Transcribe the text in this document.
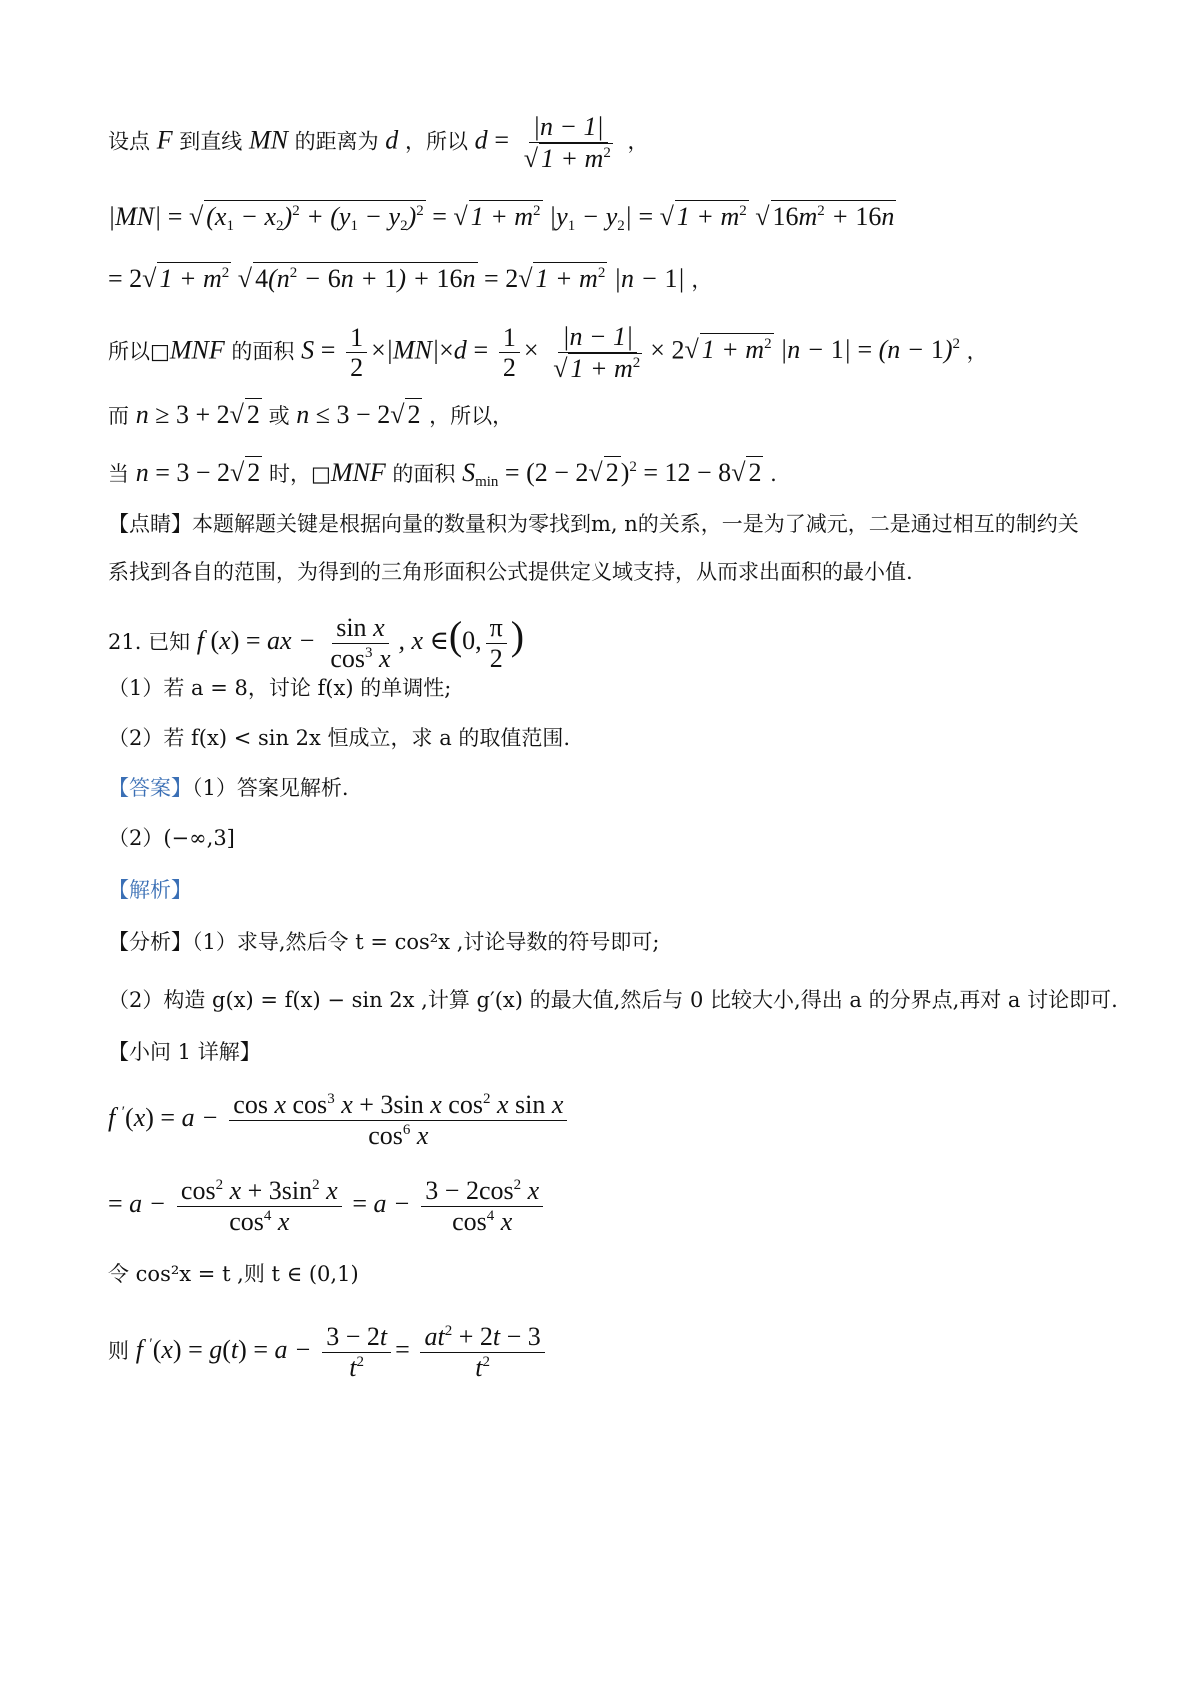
设点 F 到直线 MN 的距离为 d ，所以 d = |n − 1|
√ $1 + m^2$ ，
|MN| = √ $(x_1 - x_2)^2 + (y_1 - y_2)^2$ = √ $1 + m^2$ $|y_1 - y_2|$ = √ $1 + m^2$ √ $16m^2 + 16n$
= 2√ $1 + m^2$ √ $4(n^2 - 6n + 1) + 16n = 2√$ $1 + m^2$ |n − 1| ，
所以□MNF 的面积 $S = \frac{1}{2} \times|MN|\times d = \frac{1}{2} \times |n - 1|$
√ $1 + m^2 \times 2√$ $1 + m^2$ $|n - 1| = (n - 1)^2$ ，
而 n ≥ 3 + 2√ 2 或 n ≤ 3 − 2√ 2 ，所以，
当 n = 3 − 2√ 2 时，□MNF 的面积 $S_{min} = (2 - 2√$ 2)$^2$ = 12 − 8√ 2 .
【点睛】本题解题关键是根据向量的数量积为零找到m, n的关系，一是为了减元，二是通过相互的制约关
系找到各自的范围，为得到的三角形面积公式提供定义域支持，从而求出面积的最小值.
21. 已知 f (x) = ax − $\frac{\text{sin x}}{\cos^3 x}$ , x ∈(0, $\frac{\pi}{2}$ )
（1）若 a = 8，讨论 f(x) 的单调性;
（2）若 f(x) < sin 2x 恒成立，求 a 的取值范围.
【答案】（1）答案见解析.
（2）(−∞,3]
【解析】
【分析】（1）求导,然后令 t = cos²x ,讨论导数的符号即可;
（2）构造 g(x) = f(x) − sin 2x ,计算 g′(x) 的最大值,然后与 0 比较大小,得出 a 的分界点,再对 a 讨论即可.
【小问 1 详解】
f $'(x) = a - \frac{\cos x \cos^3 x + 3\sin x \cos^2 x \sin x}{\cos^6 x}$
= $a - \frac{\cos^2 x + 3\sin^2 x}{\cos^4 x} = a - \frac{3 - 2\cos^2 x}{\cos^4 x}$
令 cos²x = t ,则 t ∈ (0,1)
则 f $'(x) = g(t) = a - \frac{3 - 2t}{t^2} = \frac{at^2 + 2t - 3}{t^2}$
